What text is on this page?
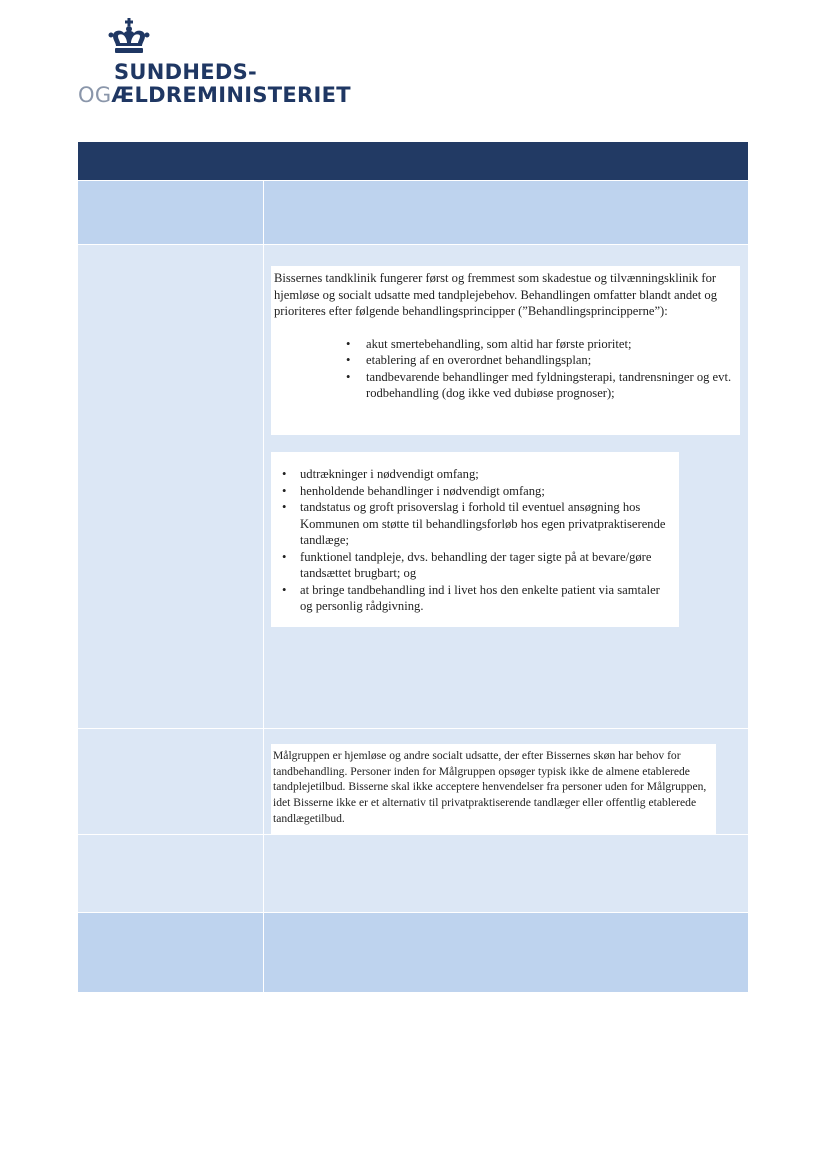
SUNDHEDS-
OGÆLDREMINISTERIET

Bissernes tandklinik fungerer først og fremmest som skadestue og tilvænningsklinik for hjemløse og socialt udsatte med tandplejebehov. Behandlingen omfatter blandt andet og prioriteres efter følgende behandlingsprincipper (”Behandlingsprincipperne”):

• akut smertebehandling, som altid har første prioritet;
• etablering af en overordnet behandlingsplan;
• tandbevarende behandlinger med fyldningsterapi, tandrensninger og evt. rodbehandling (dog ikke ved dubiøse prognoser);
• udtrækninger i nødvendigt omfang;
• henholdende behandlinger i nødvendigt omfang;
• tandstatus og groft prisoverslag i forhold til eventuel ansøgning hos Kommunen om støtte til behandlingsforløb hos egen privatpraktiserende tandlæge;
• funktionel tandpleje, dvs. behandling der tager sigte på at bevare/gøre tandsættet brugbart; og
• at bringe tandbehandling ind i livet hos den enkelte patient via samtaler og personlig rådgivning.

Målgruppen er hjemløse og andre socialt udsatte, der efter Bissernes skøn har behov for tandbehandling. Personer inden for Målgruppen opsøger typisk ikke de almene etablerede tandplejetilbud. Bisserne skal ikke acceptere henvendelser fra personer uden for Målgruppen, idet Bisserne ikke er et alternativ til privatpraktiserende tandlæger eller offentlig etablerede tandlægetilbud.
